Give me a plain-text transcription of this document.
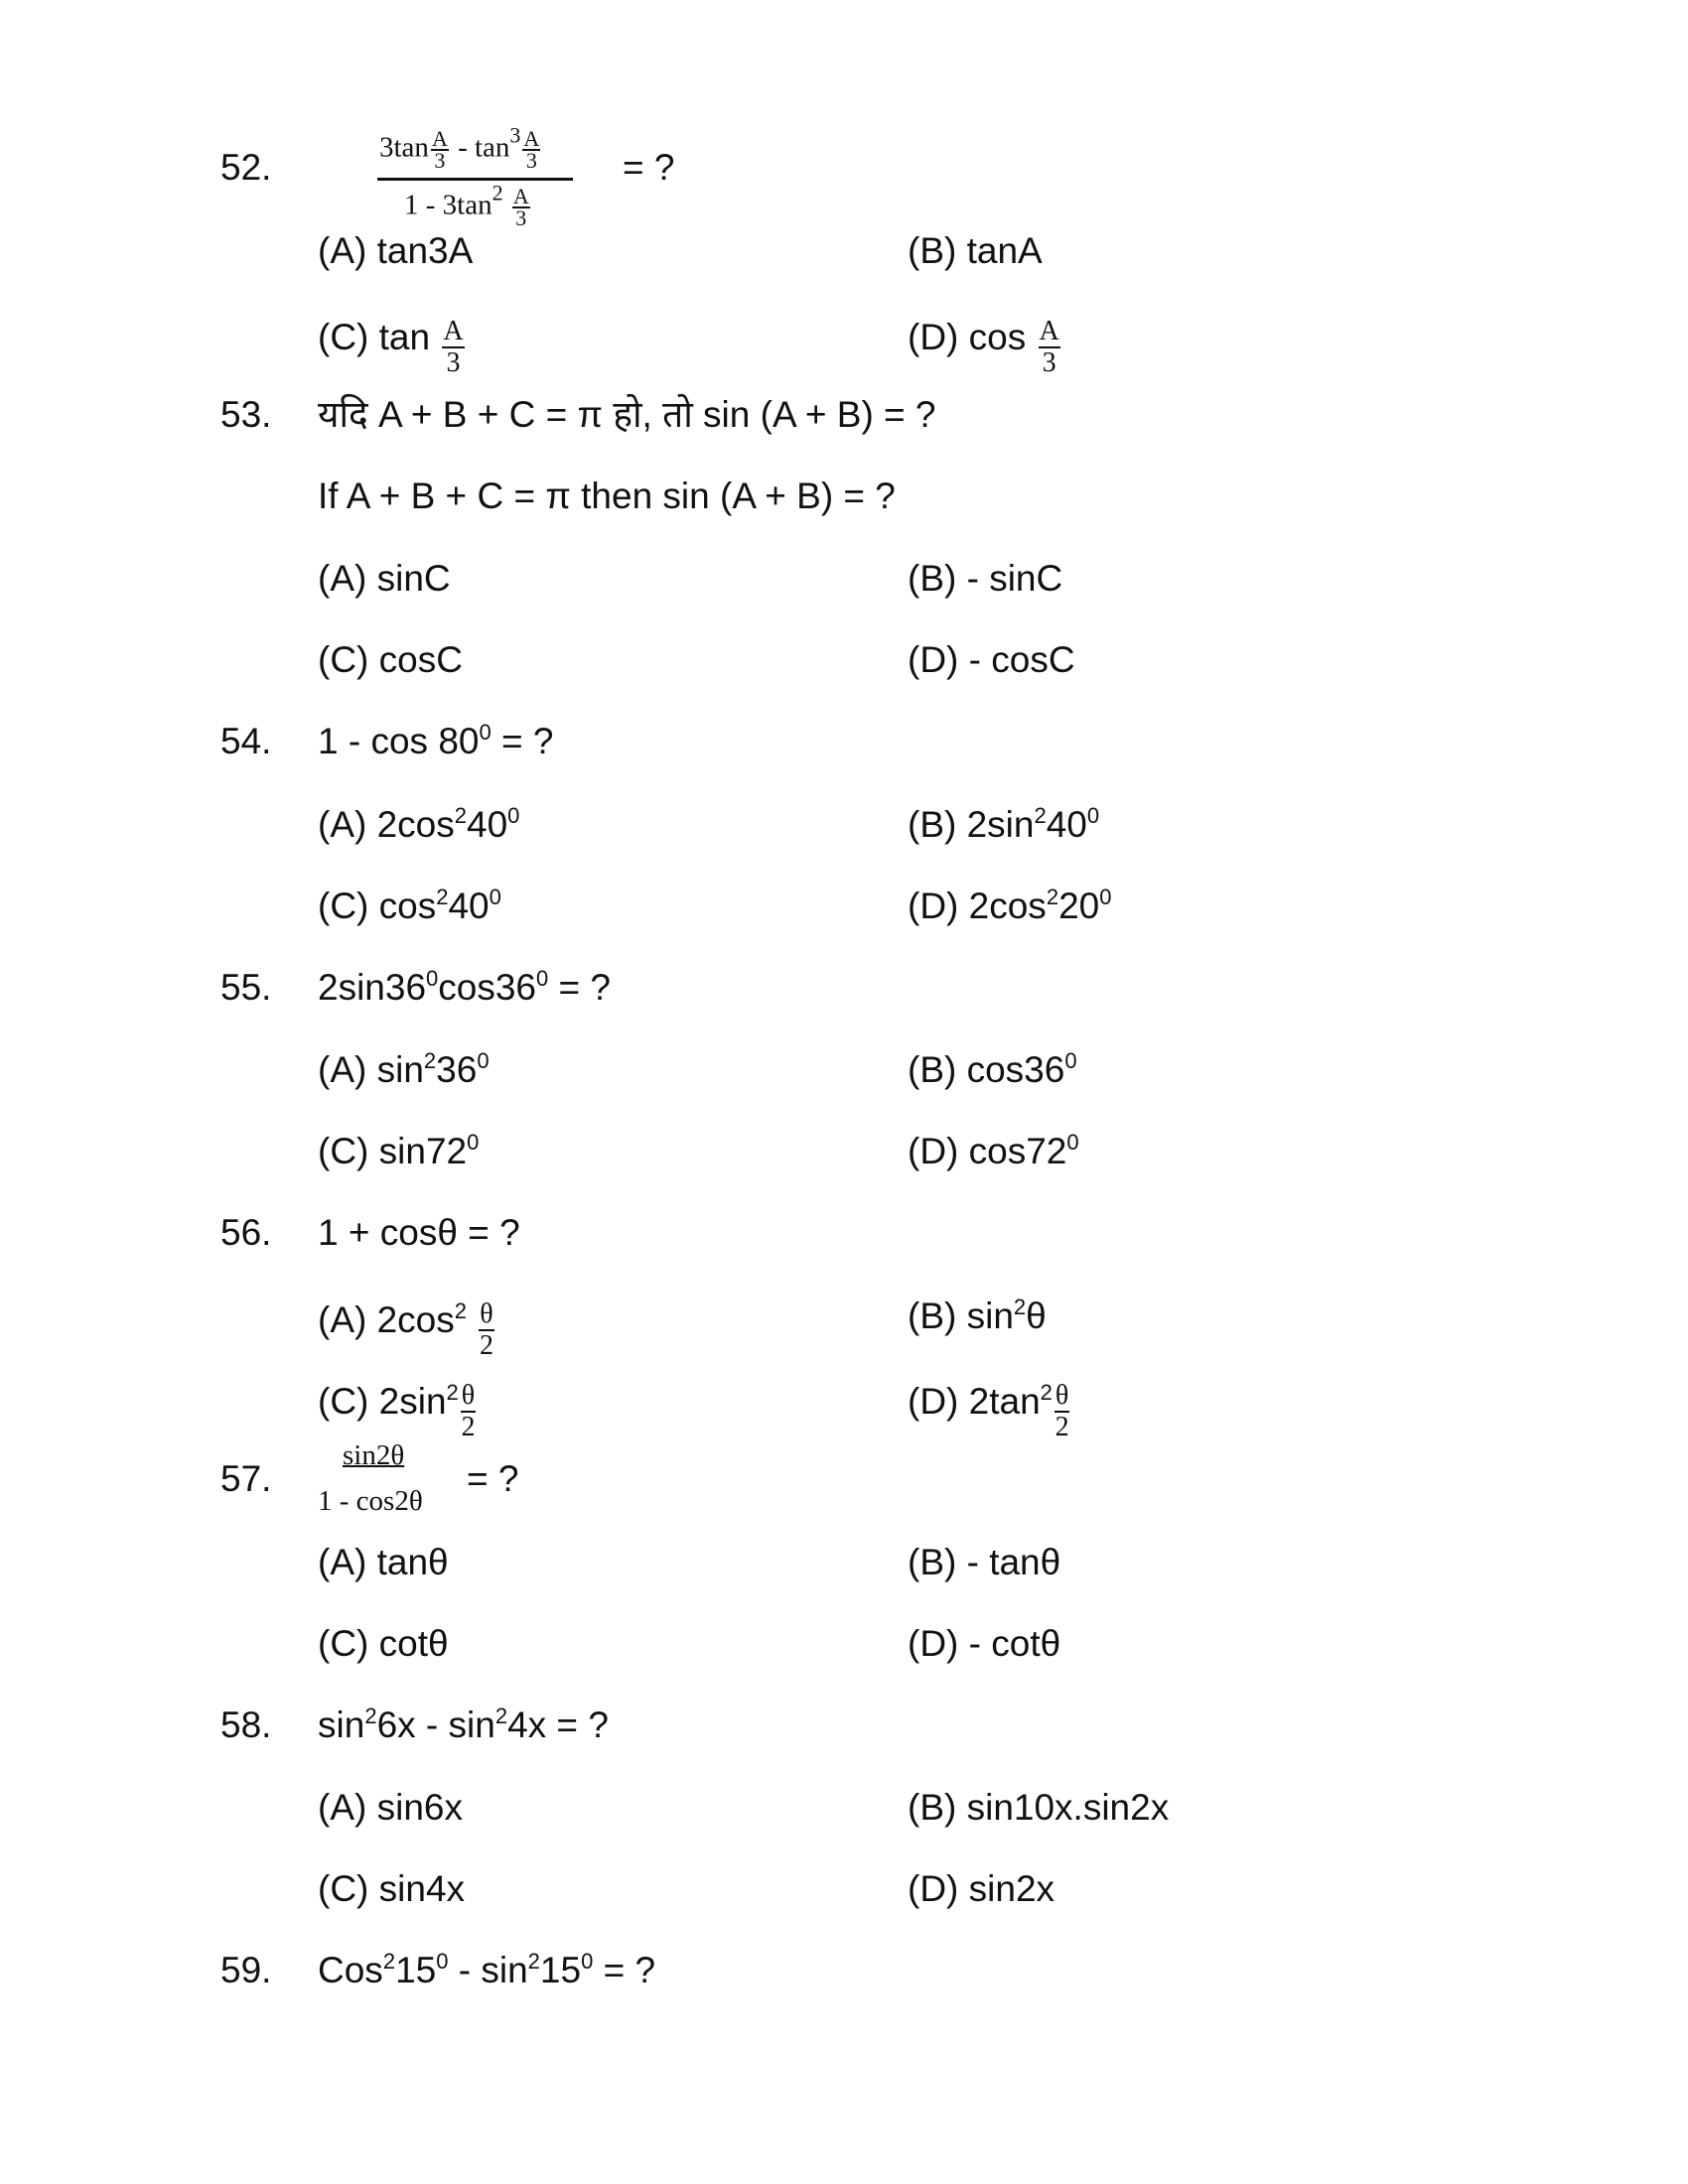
52.	$3\tan \frac{A}{3} - \tan^3 \frac{A}{3}$
$1 - 3\tan^2 \frac{A}{3}$
= ?
(A) tan3A	(B) tanA
(C) $\tan \frac{A}{3}$	(D) $\cos \frac{A}{3}$
53. यदि A + B + C = π हो, तो sin (A + B) = ?
If A + B + C = π then sin (A + B) = ?
(A) sinC	(B) - sinC
(C) cosC	(D) - cosC
54. $1 - \cos 80^0$ = ?
(A) $2\cos^240^0$	(B) $2\sin^240^0$
(C) $\cos^240^0$	(D) $2\cos^220^0$
55. $2\sin 36^0\cos 36^0$ = ?
(A) $\sin^236^0$	(B) $\cos 36^0$
(C) $\sin 72^0$	(D) $\cos 72^0$
56. 1 + cosθ = ?
(A) $2\cos^2 \frac{\theta}{2}$	(B) $\sin^2\theta$
(C) $2\sin^2 \frac{\theta}{2}$	(D) $2\tan^2 \frac{\theta}{2}$
57.
sin2θ
1 - cos2θ
= ?
(A) tanθ	(B) - tanθ
(C) cotθ	(D) - cotθ
58. $\sin^26x - \sin^24x$ = ?
(A) sin6x	(B) sin10x.sin2x
(C) sin4x	(D) sin2x
59. $Cos^215^0 - \sin^215^0$ = ?
